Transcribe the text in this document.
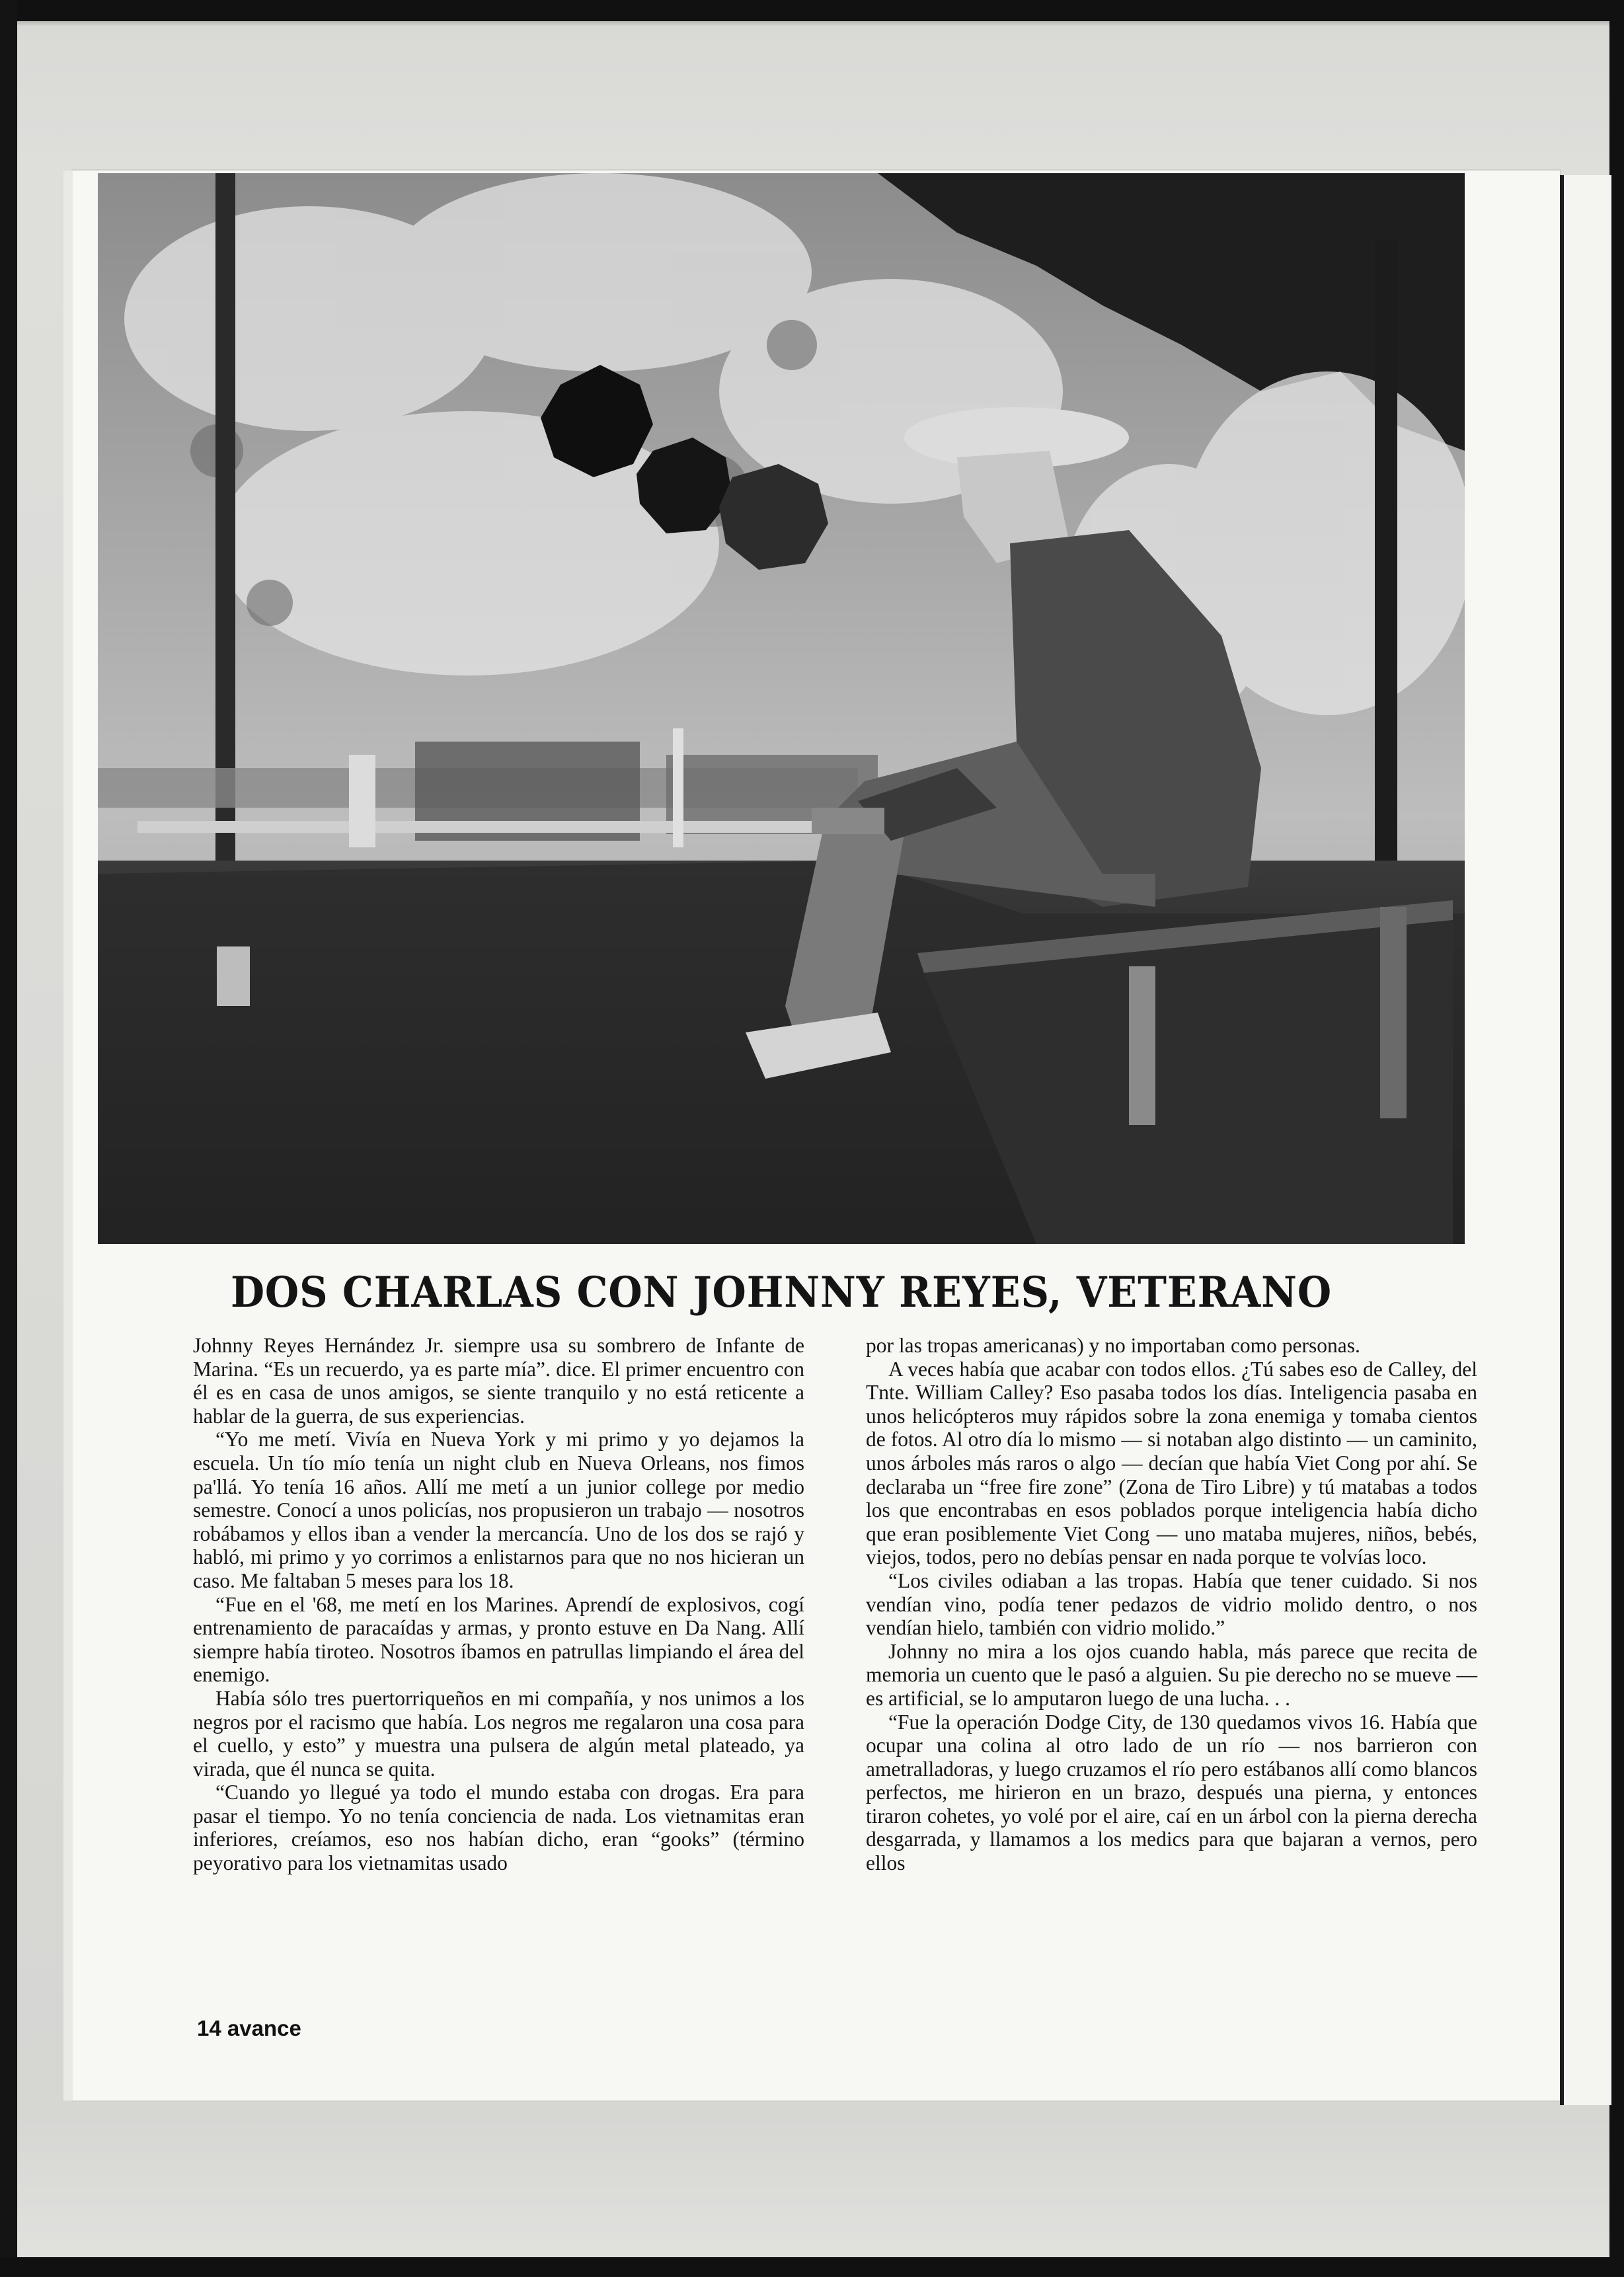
DOS CHARLAS CON JOHNNY REYES, VETERANO

Johnny Reyes Hernández Jr. siempre usa su sombrero de Infante de Marina. “Es un recuerdo, ya es parte mía”. dice. El primer encuentro con él es en casa de unos amigos, se siente tranquilo y no está reticente a hablar de la guerra, de sus experiencias.

“Yo me metí. Vivía en Nueva York y mi primo y yo dejamos la escuela. Un tío mío tenía un night club en Nueva Orleans, nos fimos pa'llá. Yo tenía 16 años. Allí me metí a un junior college por medio semestre. Conocí a unos policías, nos propusieron un trabajo — nosotros robábamos y ellos iban a vender la mercancía. Uno de los dos se rajó y habló, mi primo y yo corrimos a enlistarnos para que no nos hicieran un caso. Me faltaban 5 meses para los 18.

“Fue en el '68, me metí en los Marines. Aprendí de explosivos, cogí entrenamiento de paracaídas y armas, y pronto estuve en Da Nang. Allí siempre había tiroteo. Nosotros íbamos en patrullas limpiando el área del enemigo.

Había sólo tres puertorriqueños en mi compañía, y nos unimos a los negros por el racismo que había. Los negros me regalaron una cosa para el cuello, y esto” y muestra una pulsera de algún metal plateado, ya virada, que él nunca se quita.

“Cuando yo llegué ya todo el mundo estaba con drogas. Era para pasar el tiempo. Yo no tenía conciencia de nada. Los vietnamitas eran inferiores, creíamos, eso nos habían dicho, eran “gooks” (término peyorativo para los vietnamitas usado

por las tropas americanas) y no importaban como personas.

A veces había que acabar con todos ellos. ¿Tú sabes eso de Calley, del Tnte. William Calley? Eso pasaba todos los días. Inteligencia pasaba en unos helicópteros muy rápidos sobre la zona enemiga y tomaba cientos de fotos. Al otro día lo mismo — si notaban algo distinto — un caminito, unos árboles más raros o algo — decían que había Viet Cong por ahí. Se declaraba un “free fire zone” (Zona de Tiro Libre) y tú matabas a todos los que encontrabas en esos poblados porque inteligencia había dicho que eran posiblemente Viet Cong — uno mataba mujeres, niños, bebés, viejos, todos, pero no debías pensar en nada porque te volvías loco.

“Los civiles odiaban a las tropas. Había que tener cuidado. Si nos vendían vino, podía tener pedazos de vidrio molido dentro, o nos vendían hielo, también con vidrio molido.”

Johnny no mira a los ojos cuando habla, más parece que recita de memoria un cuento que le pasó a alguien. Su pie derecho no se mueve —es artificial, se lo amputaron luego de una lucha. . .

“Fue la operación Dodge City, de 130 quedamos vivos 16. Había que ocupar una colina al otro lado de un río — nos barrieron con ametralladoras, y luego cruzamos el río pero estábanos allí como blancos perfectos, me hirieron en un brazo, después una pierna, y entonces tiraron cohetes, yo volé por el aire, caí en un árbol con la pierna derecha desgarrada, y llamamos a los medics para que bajaran a vernos, pero ellos

14 avance
